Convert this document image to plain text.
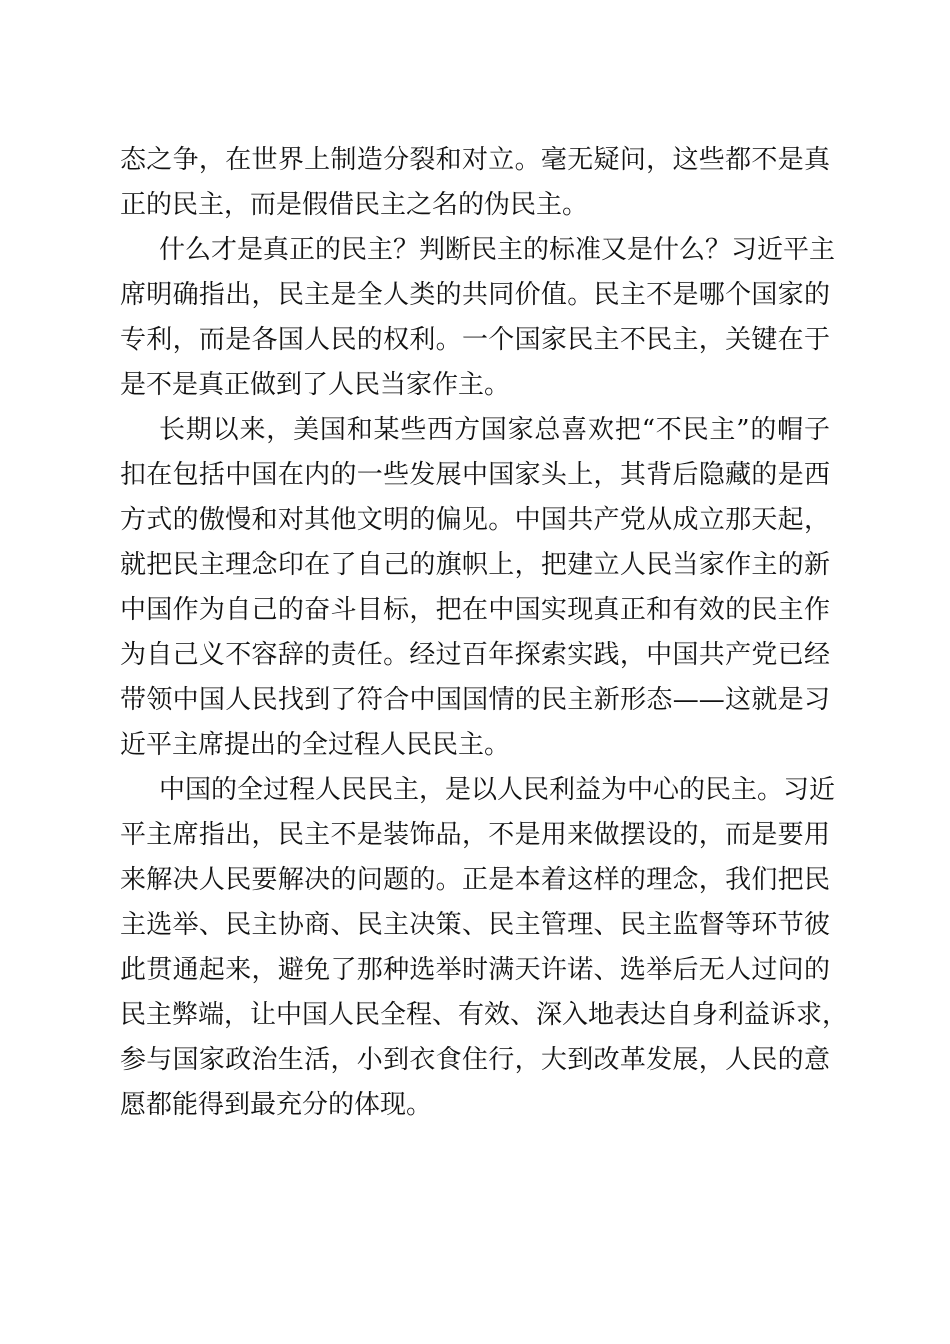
态之争，在世界上制造分裂和对立。毫无疑问，这些都不是真
正的民主，而是假借民主之名的伪民主。
什么才是真正的民主？判断民主的标准又是什么？习近平主
席明确指出，民主是全人类的共同价值。民主不是哪个国家的
专利，而是各国人民的权利。一个国家民主不民主，关键在于
是不是真正做到了人民当家作主。
长期以来，美国和某些西方国家总喜欢把“不民主”的帽子
扣在包括中国在内的一些发展中国家头上，其背后隐藏的是西
方式的傲慢和对其他文明的偏见。中国共产党从成立那天起，
就把民主理念印在了自己的旗帜上，把建立人民当家作主的新
中国作为自己的奋斗目标，把在中国实现真正和有效的民主作
为自己义不容辞的责任。经过百年探索实践，中国共产党已经
带领中国人民找到了符合中国国情的民主新形态——这就是习
近平主席提出的全过程人民民主。
中国的全过程人民民主，是以人民利益为中心的民主。习近
平主席指出，民主不是装饰品，不是用来做摆设的，而是要用
来解决人民要解决的问题的。正是本着这样的理念，我们把民
主选举、民主协商、民主决策、民主管理、民主监督等环节彼
此贯通起来，避免了那种选举时满天许诺、选举后无人过问的
民主弊端，让中国人民全程、有效、深入地表达自身利益诉求，
参与国家政治生活，小到衣食住行，大到改革发展，人民的意
愿都能得到最充分的体现。
